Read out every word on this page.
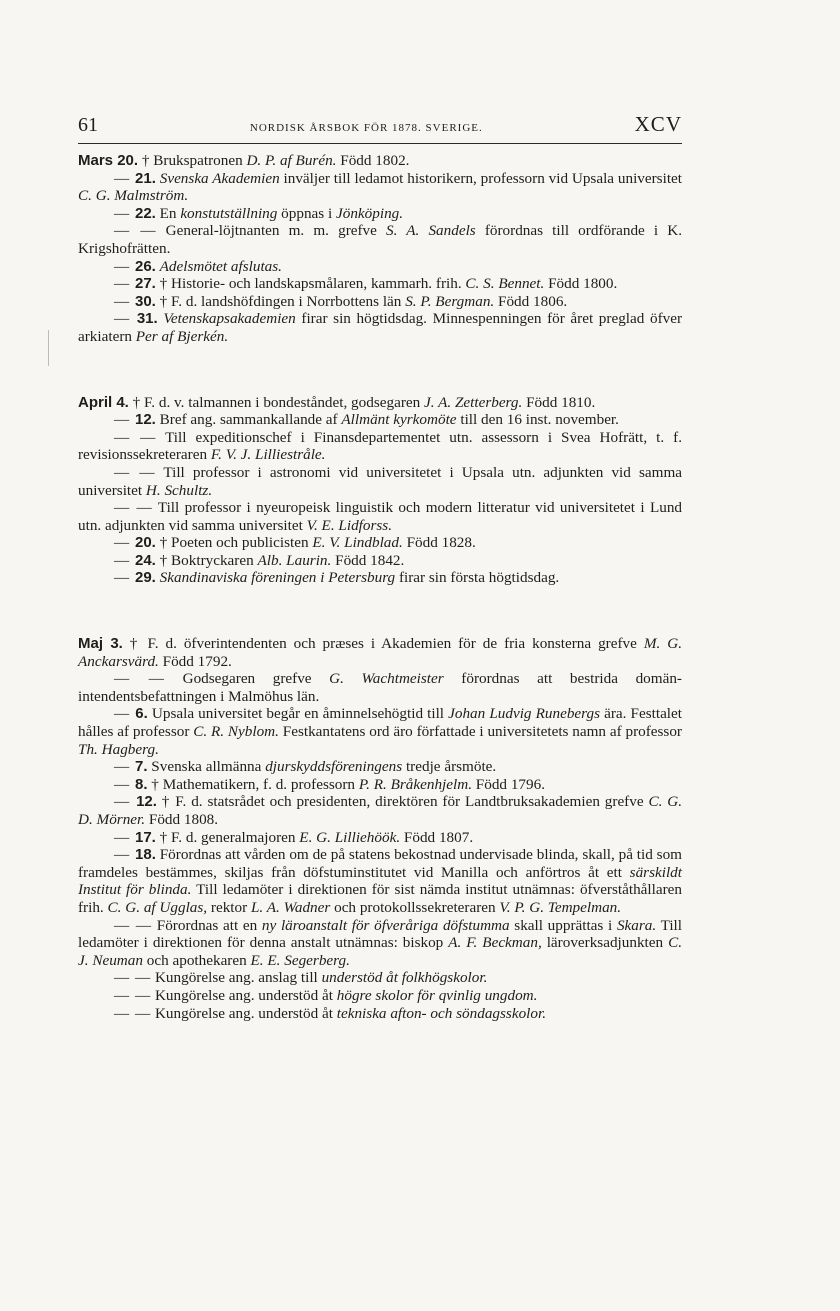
61	NORDISK ÅRSBOK FÖR 1878. SVERIGE.	XCV

Mars 20. † Brukspatronen D. P. af Burén. Född 1802.

— 21. Svenska Akademien inväljer till ledamot historikern, professorn vid Upsala universitet C. G. Malmström.

— 22. En konstutställning öppnas i Jönköping.

— — General-löjtnanten m. m. grefve S. A. Sandels förordnas till ordförande i K. Krigshofrätten.

— 26. Adelsmötet afslutas.

— 27. † Historie- och landskapsmålaren, kammarh. frih. C. S. Bennet. Född 1800.

— 30. † F. d. landshöfdingen i Norrbottens län S. P. Bergman. Född 1806.

— 31. Vetenskapsakademien firar sin högtidsdag. Minnespenningen för året preglad öfver arkiatern Per af Bjerkén.

April 4. † F. d. v. talmannen i bondeståndet, godsegaren J. A. Zetterberg. Född 1810.

— 12. Bref ang. sammankallande af Allmänt kyrkomöte till den 16 inst. november.

— — Till expeditionschef i Finansdepartementet utn. assessorn i Svea Hofrätt, t. f. revisionssekreteraren F. V. J. Lilliestråle.

— — Till professor i astronomi vid universitetet i Upsala utn. adjunkten vid samma universitet H. Schultz.

— — Till professor i nyeuropeisk linguistik och modern litteratur vid universitetet i Lund utn. adjunkten vid samma universitet V. E. Lidforss.

— 20. † Poeten och publicisten E. V. Lindblad. Född 1828.

— 24. † Boktryckaren Alb. Laurin. Född 1842.

— 29. Skandinaviska föreningen i Petersburg firar sin första högtidsdag.

Maj 3. † F. d. öfverintendenten och præses i Akademien för de fria konsterna grefve M. G. Anckarsvärd. Född 1792.

— — Godsegaren grefve G. Wachtmeister förordnas att bestrida domän-intendentsbefattningen i Malmöhus län.

— 6. Upsala universitet begår en åminnelsehögtid till Johan Ludvig Runebergs ära. Festtalet hålles af professor C. R. Nyblom. Festkantatens ord äro författade i universitetets namn af professor Th. Hagberg.

— 7. Svenska allmänna djurskyddsföreningens tredje årsmöte.

— 8. † Mathematikern, f. d. professorn P. R. Bråkenhjelm. Född 1796.

— 12. † F. d. statsrådet och presidenten, direktören för Landtbruksakademien grefve C. G. D. Mörner. Född 1808.

— 17. † F. d. generalmajoren E. G. Lilliehöök. Född 1807.

— 18. Förordnas att vården om de på statens bekostnad undervisade blinda, skall, på tid som framdeles bestämmes, skiljas från döfstuminstitutet vid Manilla och anförtros åt ett särskildt Institut för blinda. Till ledamöter i direktionen för sist nämda institut utnämnas: öfverståthållaren frih. C. G. af Ugglas, rektor L. A. Wadner och protokollssekreteraren V. P. G. Tempelman.

— — Förordnas att en ny läroanstalt för öfveråriga döfstumma skall upprättas i Skara. Till ledamöter i direktionen för denna anstalt utnämnas: biskop A. F. Beckman, läroverksadjunkten C. J. Neuman och apothekaren E. E. Segerberg.

— — Kungörelse ang. anslag till understöd åt folkhögskolor.

— — Kungörelse ang. understöd åt högre skolor för qvinlig ungdom.

— — Kungörelse ang. understöd åt tekniska afton- och söndagsskolor.
